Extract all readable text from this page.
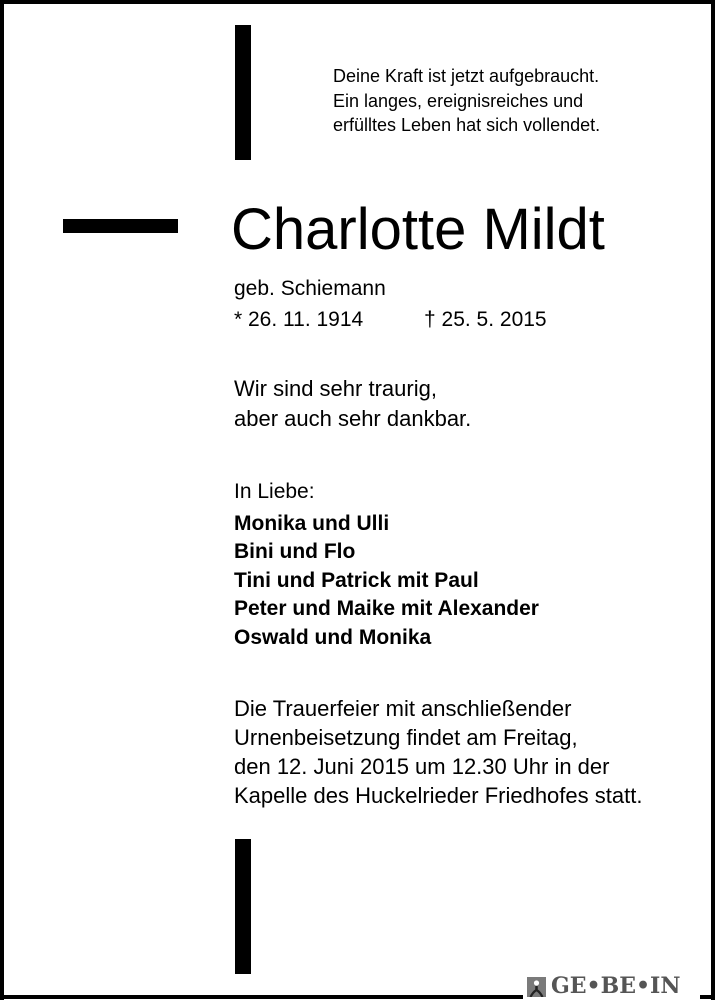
Deine Kraft ist jetzt aufgebraucht.
Ein langes, ereignisreiches und
erfülltes Leben hat sich vollendet.
Charlotte Mildt
geb. Schiemann
* 26. 11. 1914	† 25. 5. 2015
Wir sind sehr traurig,
aber auch sehr dankbar.
In Liebe:
Monika und Ulli
Bini und Flo
Tini und Patrick mit Paul
Peter und Maike mit Alexander
Oswald und Monika
Die Trauerfeier mit anschließender
Urnenbeisetzung findet am Freitag,
den 12. Juni 2015 um 12.30 Uhr in der
Kapelle des Huckelrieder Friedhofes statt.
GE•BE•IN
